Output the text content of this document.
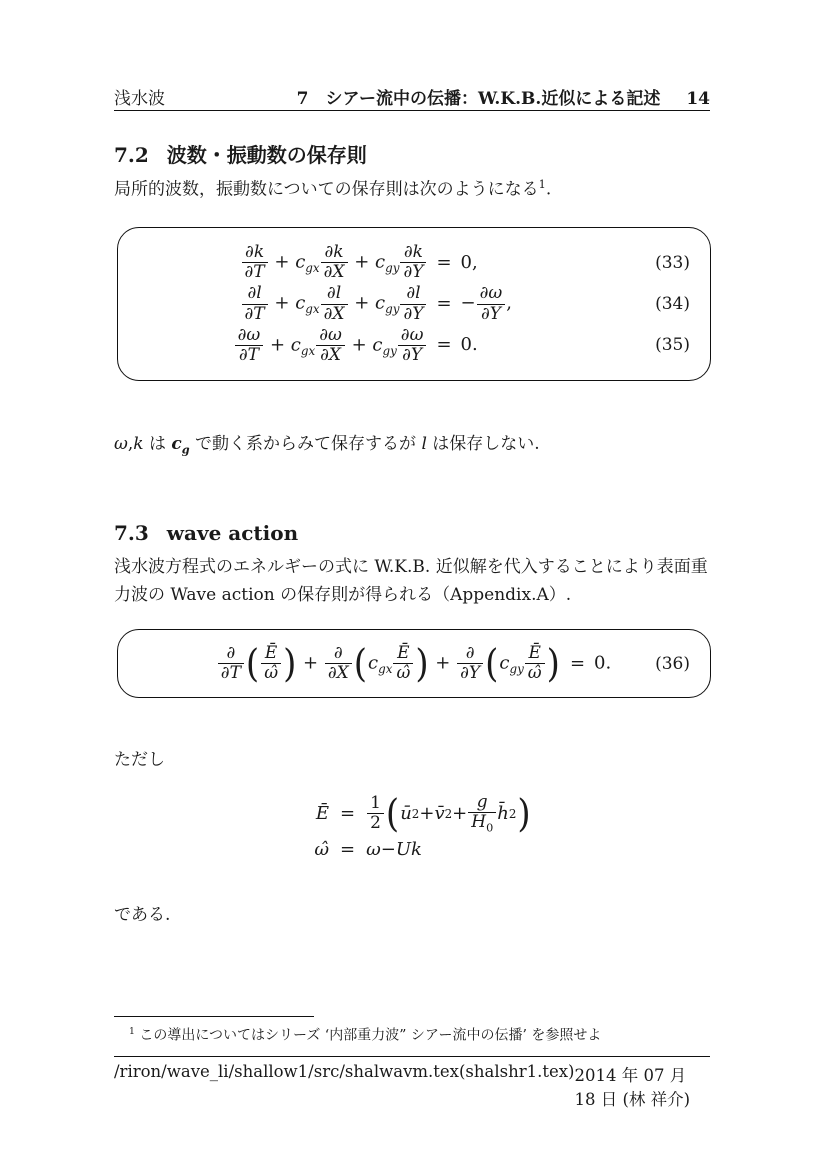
浅水波	7　シアー流中の伝播：W.K.B.近似による記述	14
7.2 波数・振動数の保存則

局所的波数，振動数についての保存則は次のようになる$^1$.

$\frac{\partial k}{\partial T} + c_{gx} \frac{\partial k}{\partial X} + c_{gy} \frac{\partial k}{\partial Y} = 0$,	(33)
$\frac{\partial l}{\partial T} + c_{gx} \frac{\partial l}{\partial X} + c_{gy} \frac{\partial l}{\partial Y}$ = − $\frac{\partial\omega}{\partial Y}$ ,	(34)
$\frac{\partial\omega}{\partial T} + c_{gx} \frac{\partial\omega}{\partial X} + c_{gy} \frac{\partial\omega}{\partial Y} = 0$.	(35)

ω,k は $c_g$ で動く系からみて保存するが l は保存しない.

7.3 wave action

浅水波方程式のエネルギーの式に W.K.B. 近似解を代入することにより表面重力波の Wave action の保存則が得られる（Appendix.A）.

∂
∂T ( $\frac{Ē}{\omegâ}$ ) + ∂
∂X ($c_{gx} \frac{Ē}{\omegâ}$ ) + ∂
∂Y ($c_{gy} \frac{Ē}{\omegâ}$ ) = 0.	(36)

ただし

Ē = $\frac{1}{2}$ ( ū 2 + v̄ 2 +
g
$H_0$
h̄ 2 )
ω̂ = ω − Uk

である.

$^1$ この導出についてはシリーズ ‘内部重力波” シアー流中の伝播’ を参照せよ

/riron/wave_li/shallow1/src/shalwavm.tex(shalshr1.tex) 2014 年 07 月 18 日 (林 祥介)
